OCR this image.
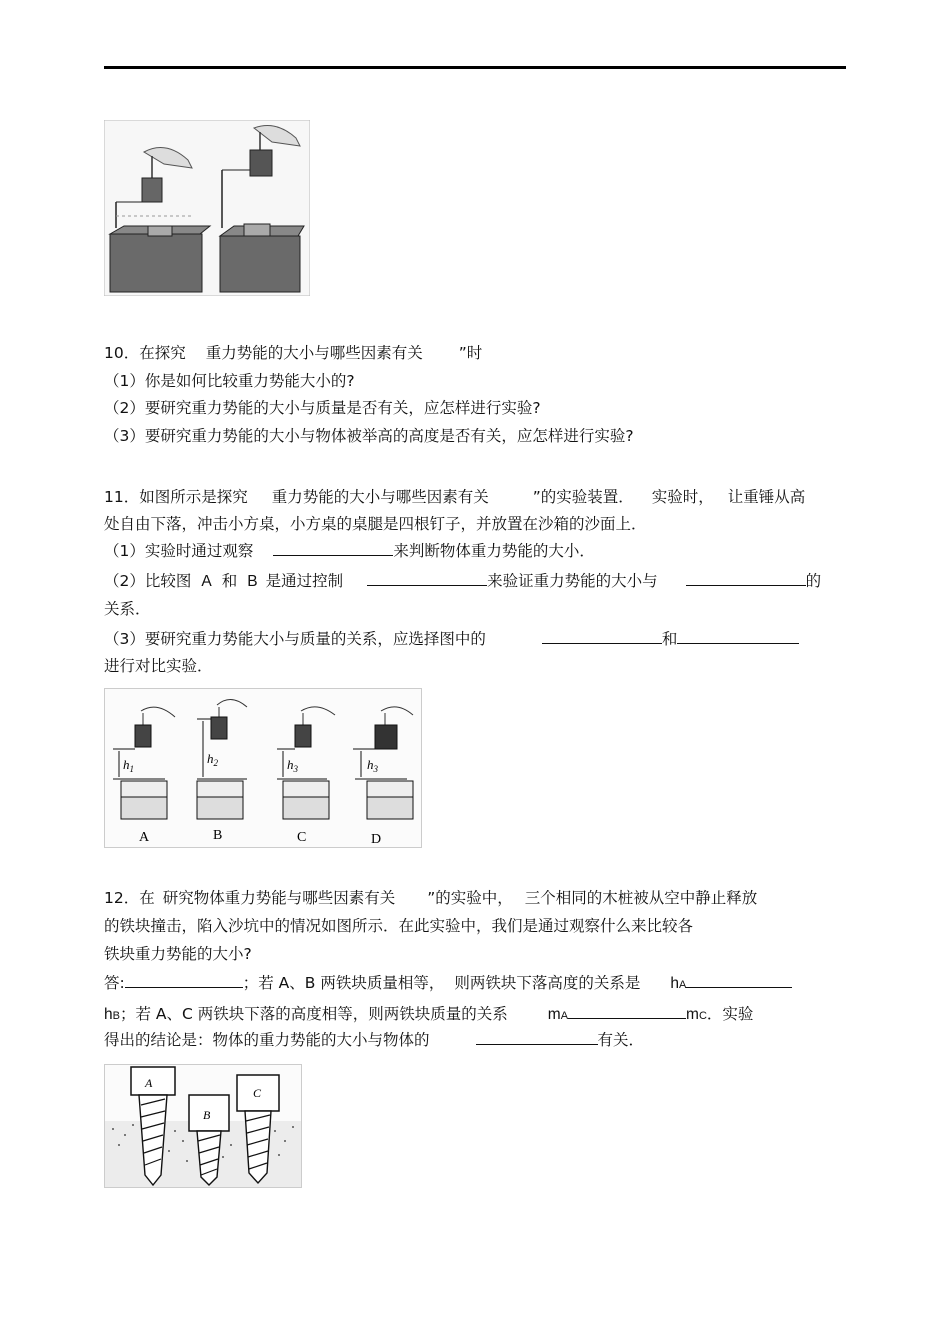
10．在探究 重力势能的大小与哪些因素有关 ”时
（1）你是如何比较重力势能大小的?
（2）要研究重力势能的大小与质量是否有关，应怎样进行实验?
（3）要研究重力势能的大小与物体被举高的高度是否有关，应怎样进行实验?
11．如图所示是探究 重力势能的大小与哪些因素有关	”的实验装置． 实验时， 让重锤从高
处自由下落，冲击小方桌，小方桌的桌腿是四根钉子，并放置在沙箱的沙面上．
（1）实验时通过观察	来判断物体重力势能的大小．
（2）比较图 A 和 B 是通过控制	来验证重力势能的大小与	的
关系．
（3）要研究重力势能大小与质量的关系，应选择图中的	和
进行对比实验．
$h_1$
$h_2$	$h_3$	$h_3$
A	B	C	D
12．在 研究物体重力势能与哪些因素有关 ”的实验中， 三个相同的木桩被从空中静止释放
的铁块撞击，陷入沙坑中的情况如图所示．在此实验中，我们是通过观察什么来比较各
铁块重力势能的大小?
答:	；若 A、B 两铁块质量相等， 则两铁块下落高度的关系是 hA
hB；若 A、C 两铁块下落的高度相等，则两铁块质量的关系	mA	mC．实验
得出的结论是：物体的重力势能的大小与物体的	有关．
A
B
C
